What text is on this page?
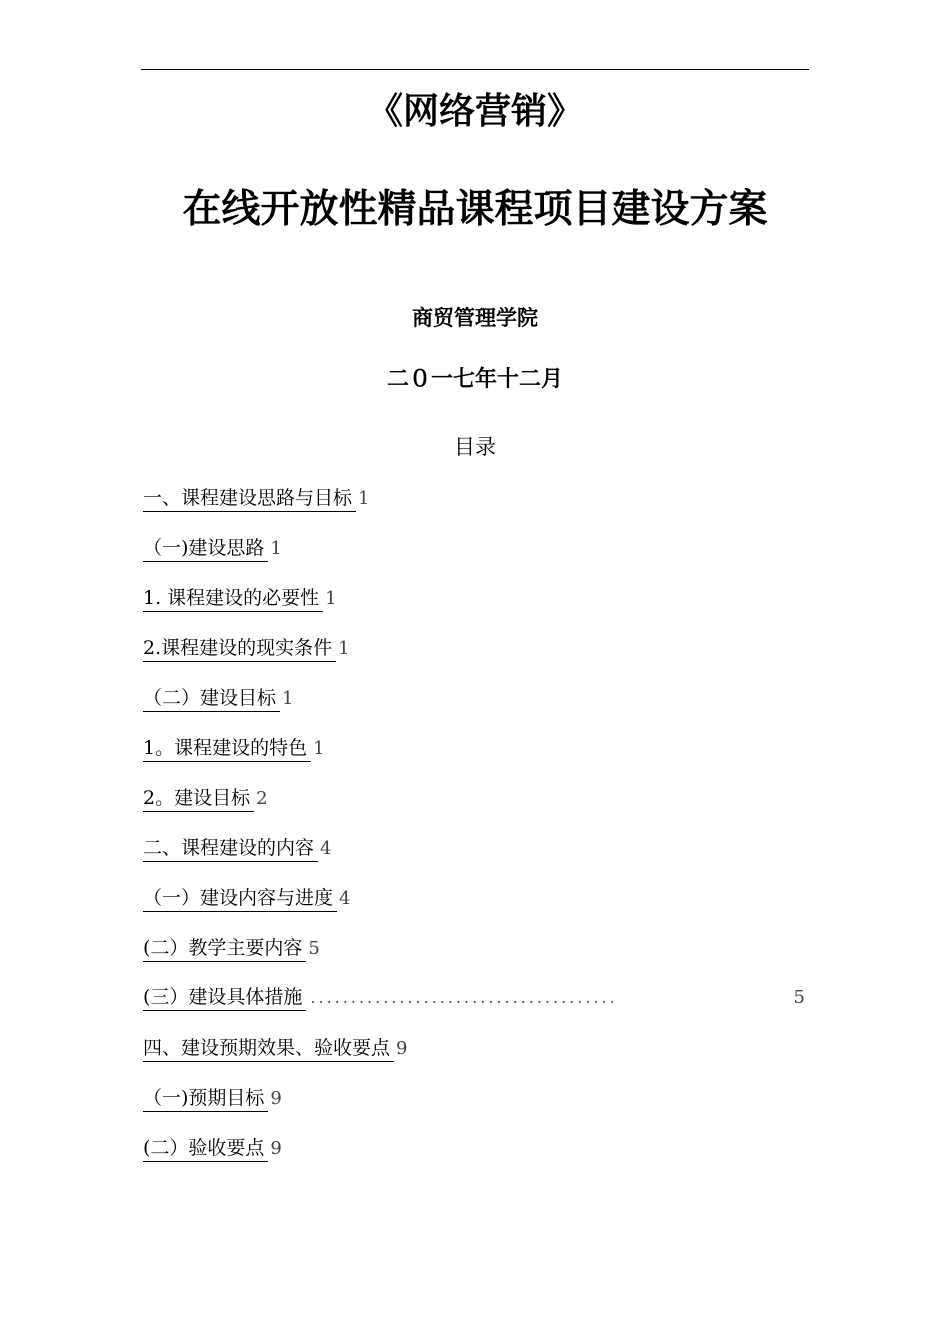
《网络营销》
在线开放性精品课程项目建设方案
商贸管理学院
二０一七年十二月
目录
一、课程建设思路与目标 1
（一)建设思路 1
1. 课程建设的必要性 1
2.课程建设的现实条件 1
（二）建设目标 1
1。课程建设的特色 1
2。建设目标 2
二、课程建设的内容 4
（一）建设内容与进度 4
(二）教学主要内容 5
(三）建设具体措施 ......................................	5
四、建设预期效果、验收要点 9
（一)预期目标 9
(二）验收要点 9
